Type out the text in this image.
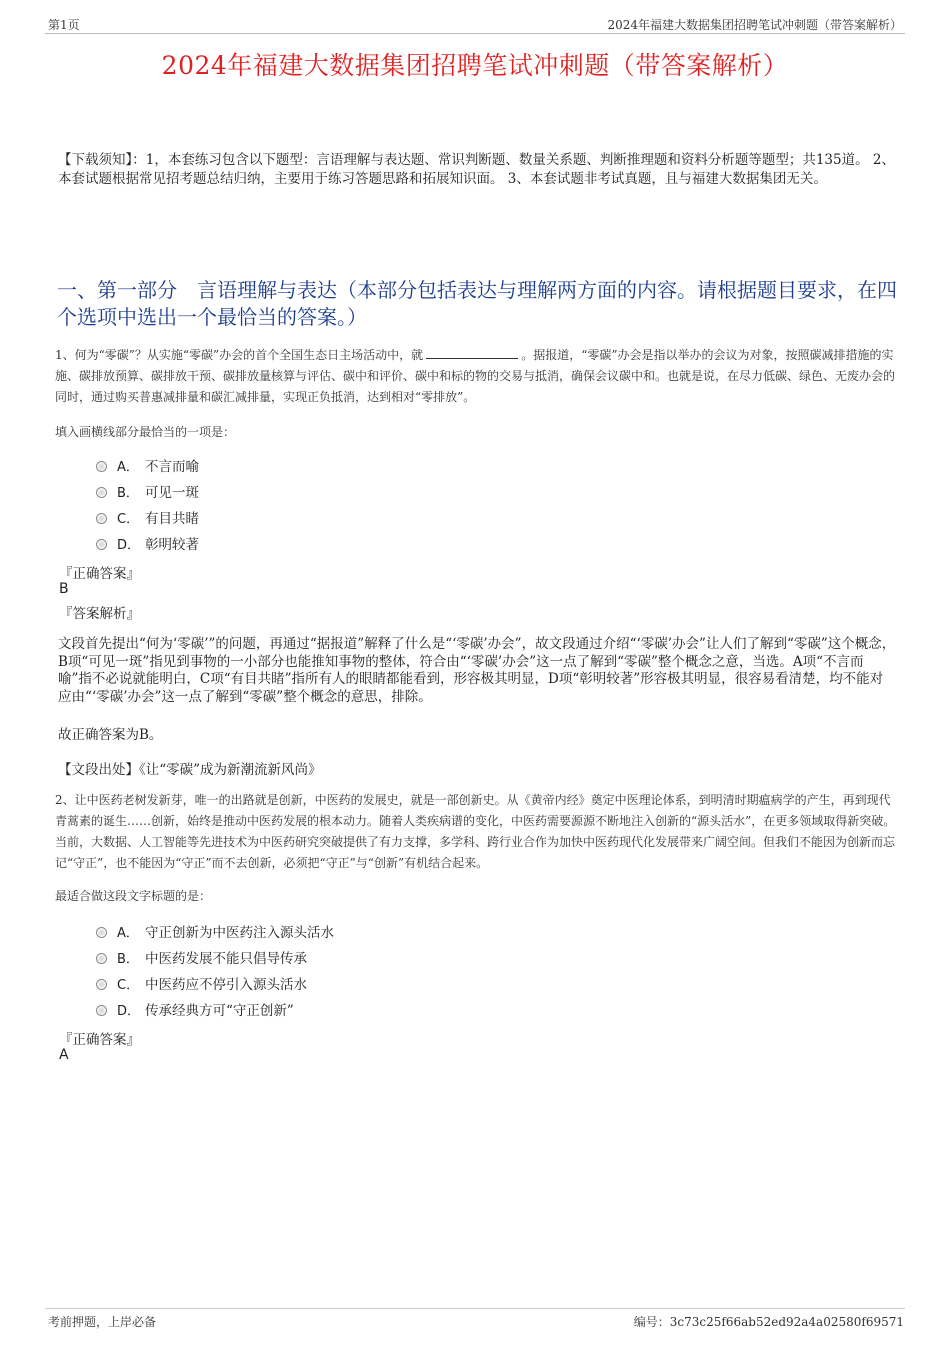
第1页	2024年福建大数据集团招聘笔试冲刺题（带答案解析）
2024年福建大数据集团招聘笔试冲刺题（带答案解析）
【下载须知】：1，本套练习包含以下题型：言语理解与表达题、常识判断题、数量关系题、判断推理题和资料分析题等题型；共135道。 2、本套试题根据常见招考题总结归纳，主要用于练习答题思路和拓展知识面。 3、本套试题非考试真题，且与福建大数据集团无关。
一、第一部分　言语理解与表达（本部分包括表达与理解两方面的内容。请根据题目要求，在四个选项中选出一个最恰当的答案。）
1、何为“零碳”？从实施“零碳”办会的首个全国生态日主场活动中，就	。据报道，“零碳”办会是指以举办的会议为对象，按照碳减排措施的实施、碳排放预算、碳排放干预、碳排放量核算与评估、碳中和评价、碳中和标的物的交易与抵消，确保会议碳中和。也就是说，在尽力低碳、绿色、无废办会的同时，通过购买普惠减排量和碳汇减排量，实现正负抵消，达到相对“零排放”。
填入画横线部分最恰当的一项是：
A． 不言而喻
B． 可见一斑
C． 有目共睹
D． 彰明较著
『正确答案』
B
『答案解析』
文段首先提出“何为‘零碳’”的问题，再通过“据报道”解释了什么是“‘零碳’办会”，故文段通过介绍“‘零碳’办会”让人们了解到“零碳”这个概念，B项“可见一斑”指见到事物的一小部分也能推知事物的整体，符合由“‘零碳’办会”这一点了解到“零碳”整个概念之意，当选。A项“不言而喻”指不必说就能明白，C项“有目共睹”指所有人的眼睛都能看到，形容极其明显，D项“彰明较著”形容极其明显，很容易看清楚，均不能对应由“‘零碳’办会”这一点了解到“零碳”整个概念的意思，排除。
故正确答案为B。
【文段出处】《让“零碳”成为新潮流新风尚》
2、让中医药老树发新芽，唯一的出路就是创新，中医药的发展史，就是一部创新史。从《黄帝内经》奠定中医理论体系，到明清时期瘟病学的产生，再到现代青蒿素的诞生……创新，始终是推动中医药发展的根本动力。随着人类疾病谱的变化，中医药需要源源不断地注入创新的“源头活水”，在更多领域取得新突破。当前，大数据、人工智能等先进技术为中医药研究突破提供了有力支撑，多学科、跨行业合作为加快中医药现代化发展带来广阔空间。但我们不能因为创新而忘记“守正”，也不能因为“守正”而不去创新，必须把“守正”与“创新”有机结合起来。
最适合做这段文字标题的是：
A． 守正创新为中医药注入源头活水
B． 中医药发展不能只倡导传承
C． 中医药应不停引入源头活水
D． 传承经典方可“守正创新”
『正确答案』
A
考前押题，上岸必备	编号：3c73c25f66ab52ed92a4a02580f69571
